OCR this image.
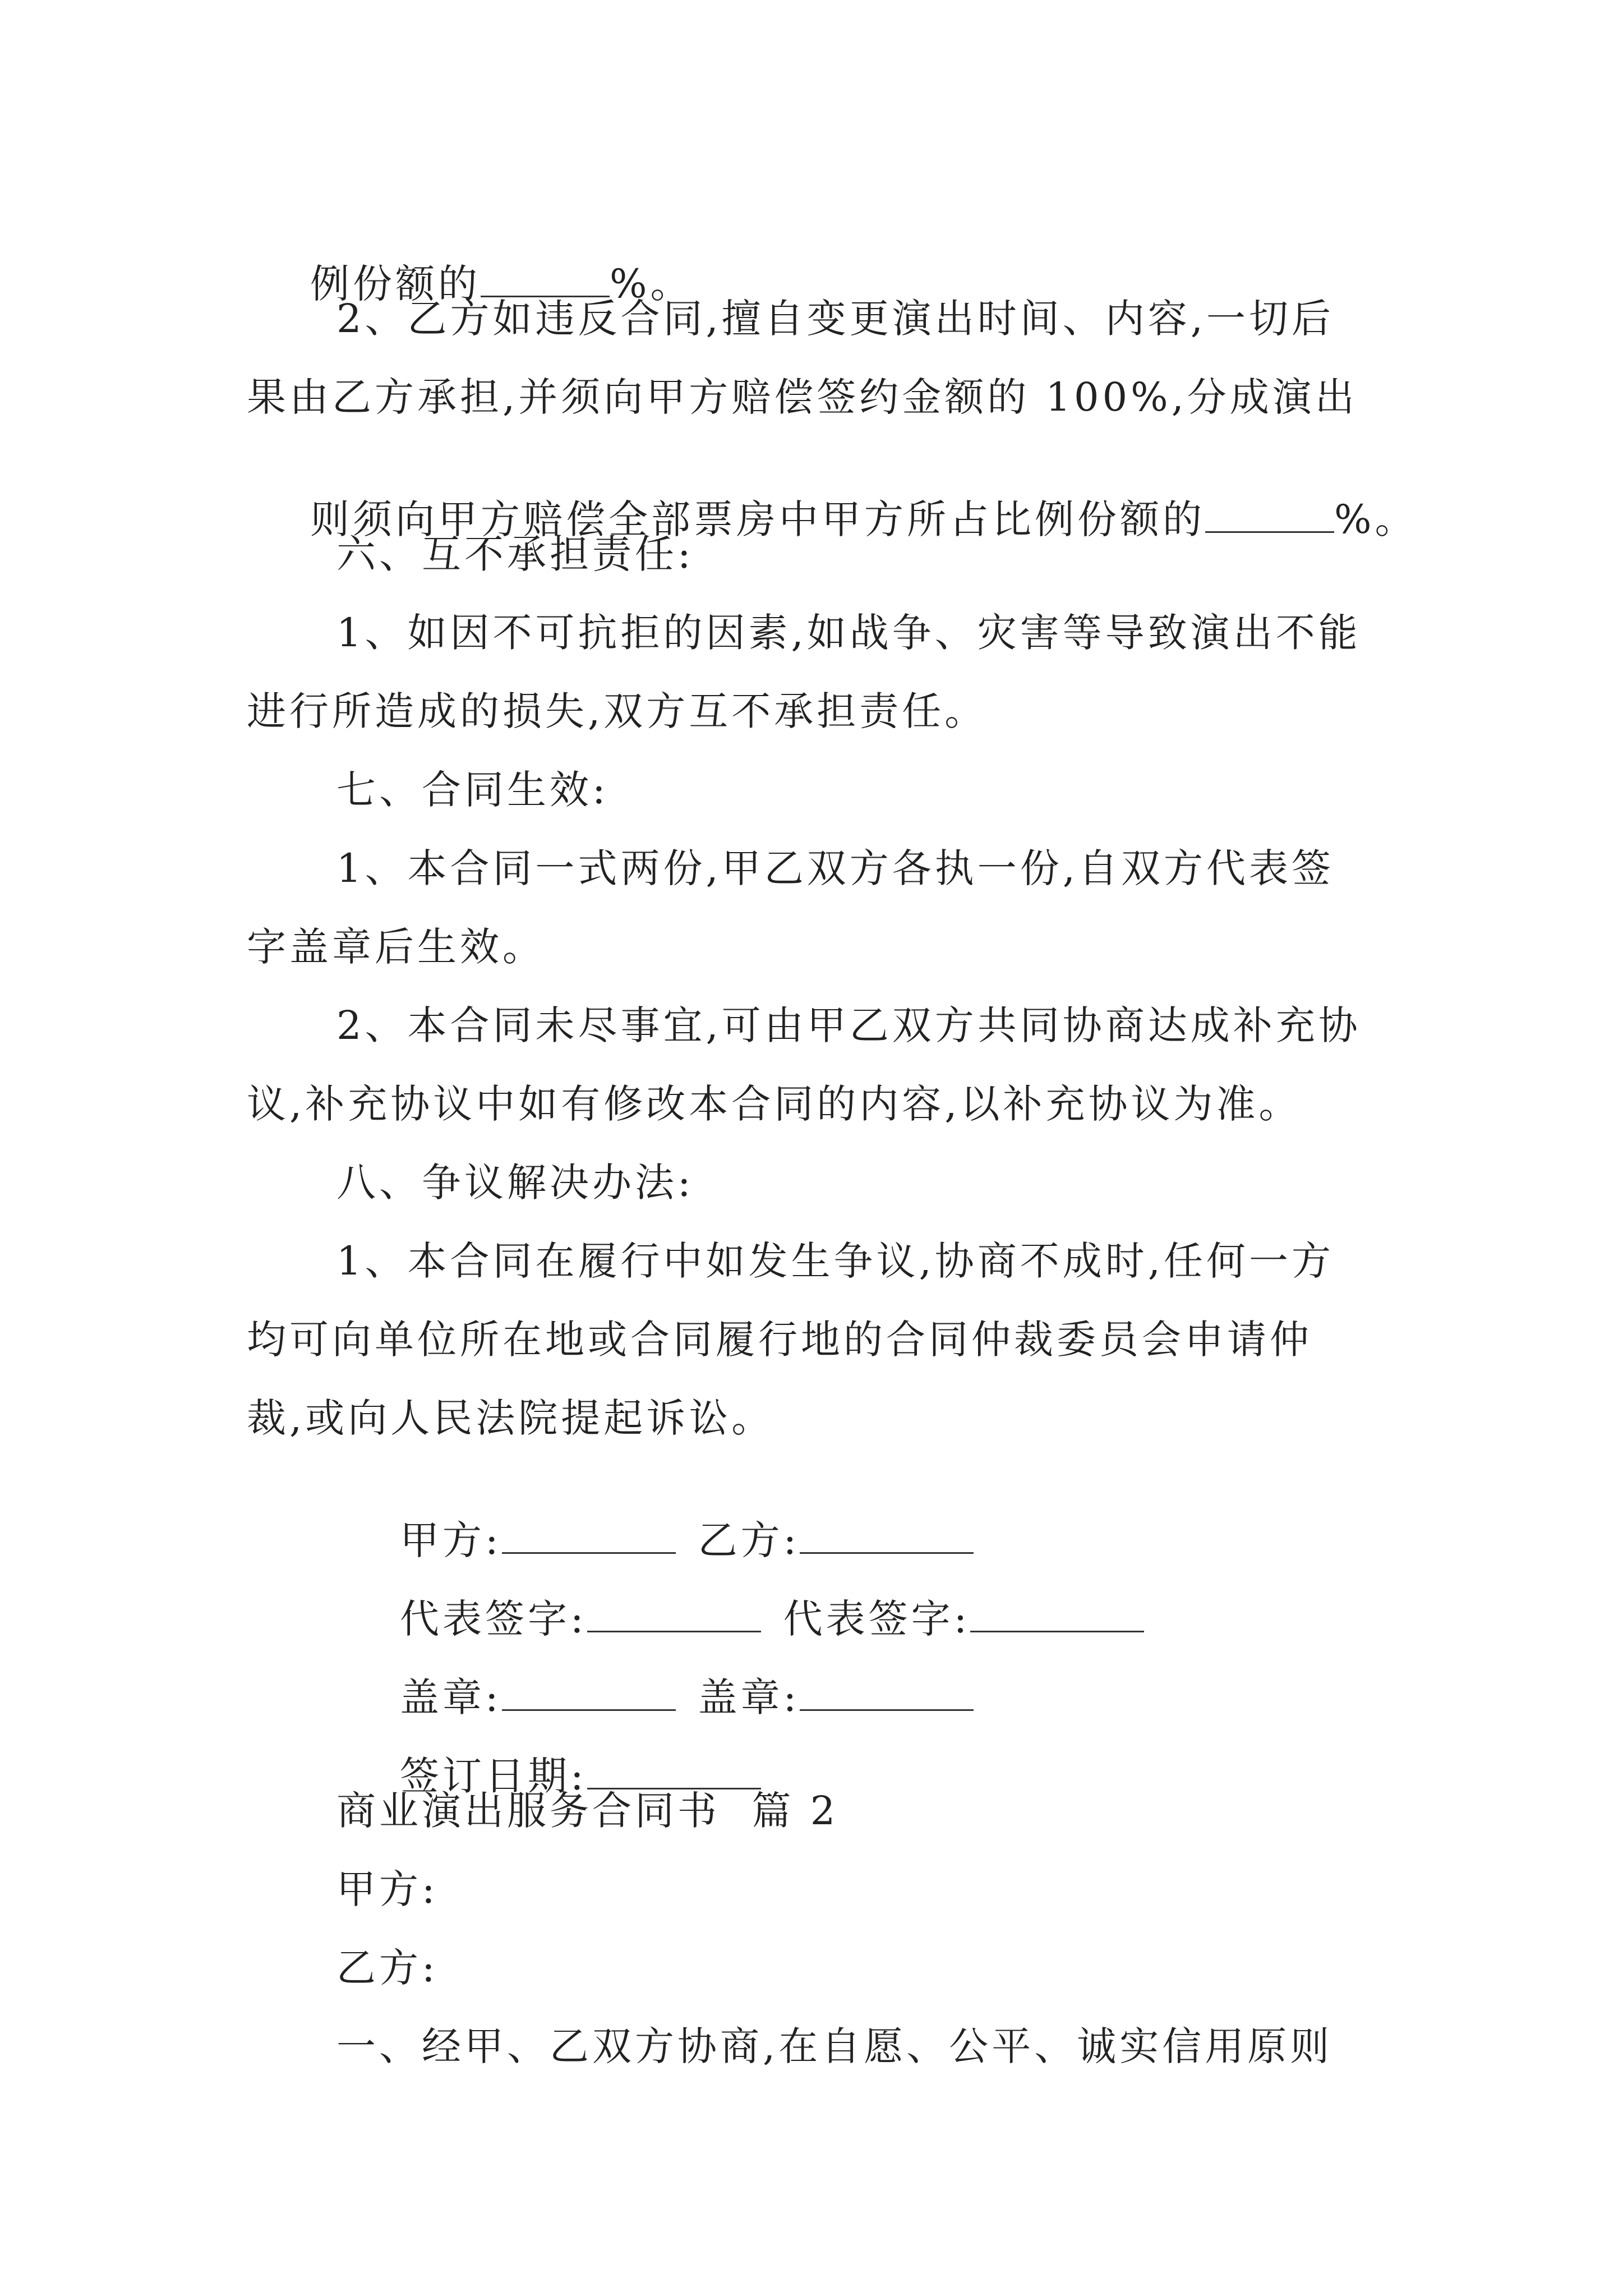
例份额的	%。

2、乙方如违反合同,擅自变更演出时间、内容,一切后
果由乙方承担,并须向甲方赔偿签约金额的 100%,分成演出

则须向甲方赔偿全部票房中甲方所占比例份额的	%。

六、互不承担责任:
1、如因不可抗拒的因素,如战争、灾害等导致演出不能
进行所造成的损失,双方互不承担责任。
七、合同生效:
1、本合同一式两份,甲乙双方各执一份,自双方代表签
字盖章后生效。
2、本合同未尽事宜,可由甲乙双方共同协商达成补充协
议,补充协议中如有修改本合同的内容,以补充协议为准。
八、争议解决办法:
1、本合同在履行中如发生争议,协商不成时,任何一方
均可向单位所在地或合同履行地的合同仲裁委员会申请仲
裁,或向人民法院提起诉讼。

甲方:	乙方:

代表签字:	代表签字:

盖章:	盖章:

签订日期:

商业演出服务合同书  篇 2
甲方:
乙方:
一、经甲、乙双方协商,在自愿、公平、诚实信用原则
